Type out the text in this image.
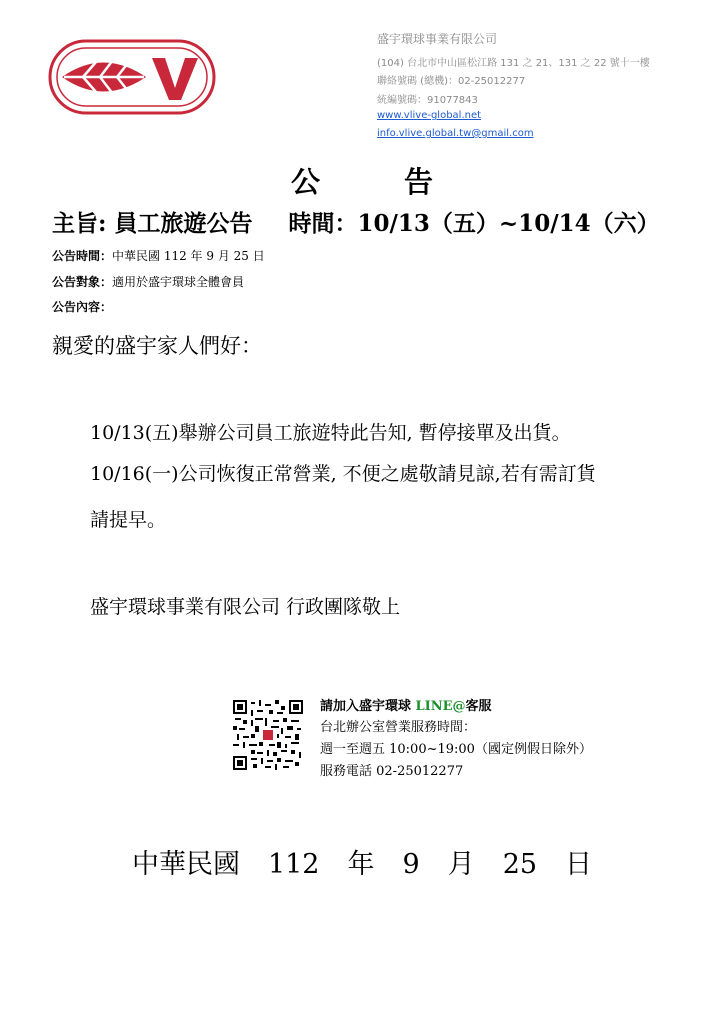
盛宇環球事業有限公司
(104) 台北市中山區松江路 131 之 21、131 之 22 號十一樓
聯絡號碼 (總機)：02-25012277
統編號碼：91077843
www.vlive-global.net
info.vlive.global.tw@gmail.com
公告
主旨: 員工旅遊公告 時間：10/13（五）~10/14（六）
公告時間：中華民國 112 年 9 月 25 日
公告對象：適用於盛宇環球全體會員
公告內容：
親愛的盛宇家人們好：
10/13(五)舉辦公司員工旅遊特此告知, 暫停接單及出貨。
10/16(一)公司恢復正常營業, 不便之處敬請見諒,若有需訂貨
請提早。
盛宇環球事業有限公司 行政團隊敬上
請加入盛宇環球 LINE@客服
台北辦公室營業服務時間：
週一至週五 10:00~19:00（國定例假日除外）
服務電話 02-25012277
中華民國 112 年 9 月 25 日
